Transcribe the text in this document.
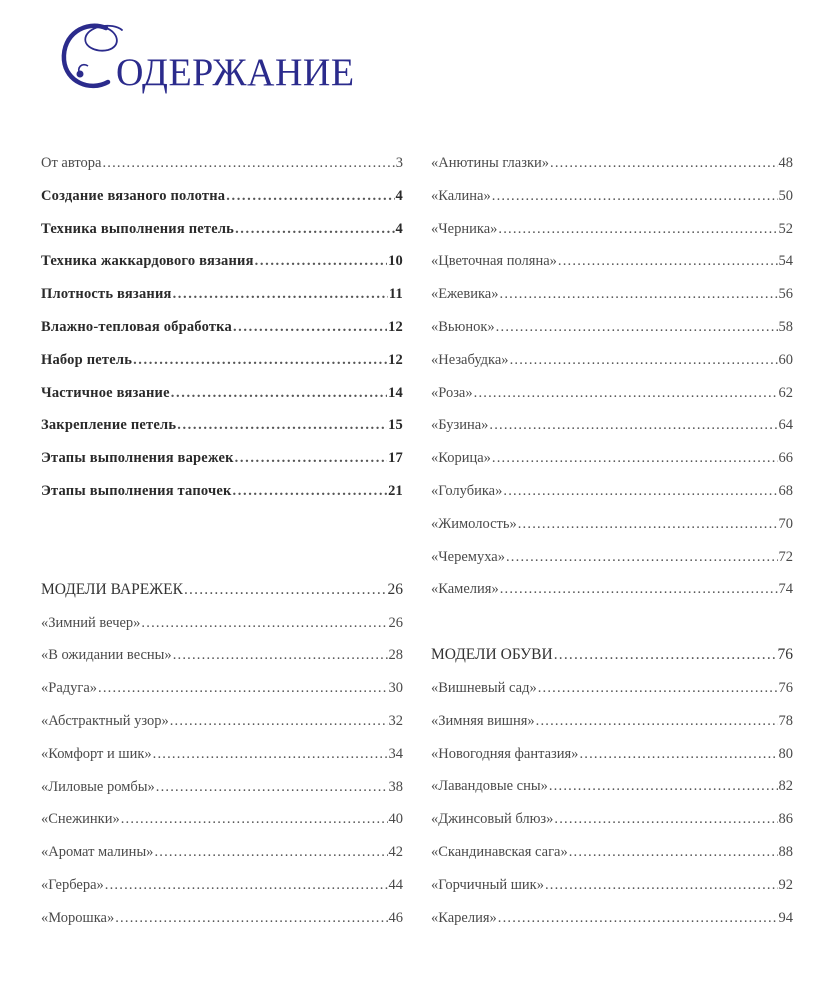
ОДЕРЖАНИЕ
От автора .....	3
Создание вязаного полотна .....	4
Техника выполнения петель .....	4
Техника жаккардового вязания .....	10
Плотность вязания .....	11
Влажно-тепловая обработка .....	12
Набор петель .....	12
Частичное вязание .....	14
Закрепление петель .....	15
Этапы выполнения варежек .....	17
Этапы выполнения тапочек .....	21
МОДЕЛИ ВАРЕЖЕК .....	26
«Зимний вечер» .....	26
«В ожидании весны» .....	28
«Радуга» .....	30
«Абстрактный узор» .....	32
«Комфорт и шик» .....	34
«Лиловые ромбы» .....	38
«Снежинки» .....	40
«Аромат малины» .....	42
«Гербера» .....	44
«Морошка» .....	46
«Анютины глазки» .....	48
«Калина» .....	50
«Черника» .....	52
«Цветочная поляна» .....	54
«Ежевика» .....	56
«Вьюнок» .....	58
«Незабудка» .....	60
«Роза» .....	62
«Бузина» .....	64
«Корица» .....	66
«Голубика» .....	68
«Жимолость» .....	70
«Черемуха» .....	72
«Камелия» .....	74
МОДЕЛИ ОБУВИ .....	76
«Вишневый сад» .....	76
«Зимняя вишня» .....	78
«Новогодняя фантазия» .....	80
«Лавандовые сны» .....	82
«Джинсовый блюз» .....	86
«Скандинавская сага» .....	88
«Горчичный шик» .....	92
«Карелия» .....	94
